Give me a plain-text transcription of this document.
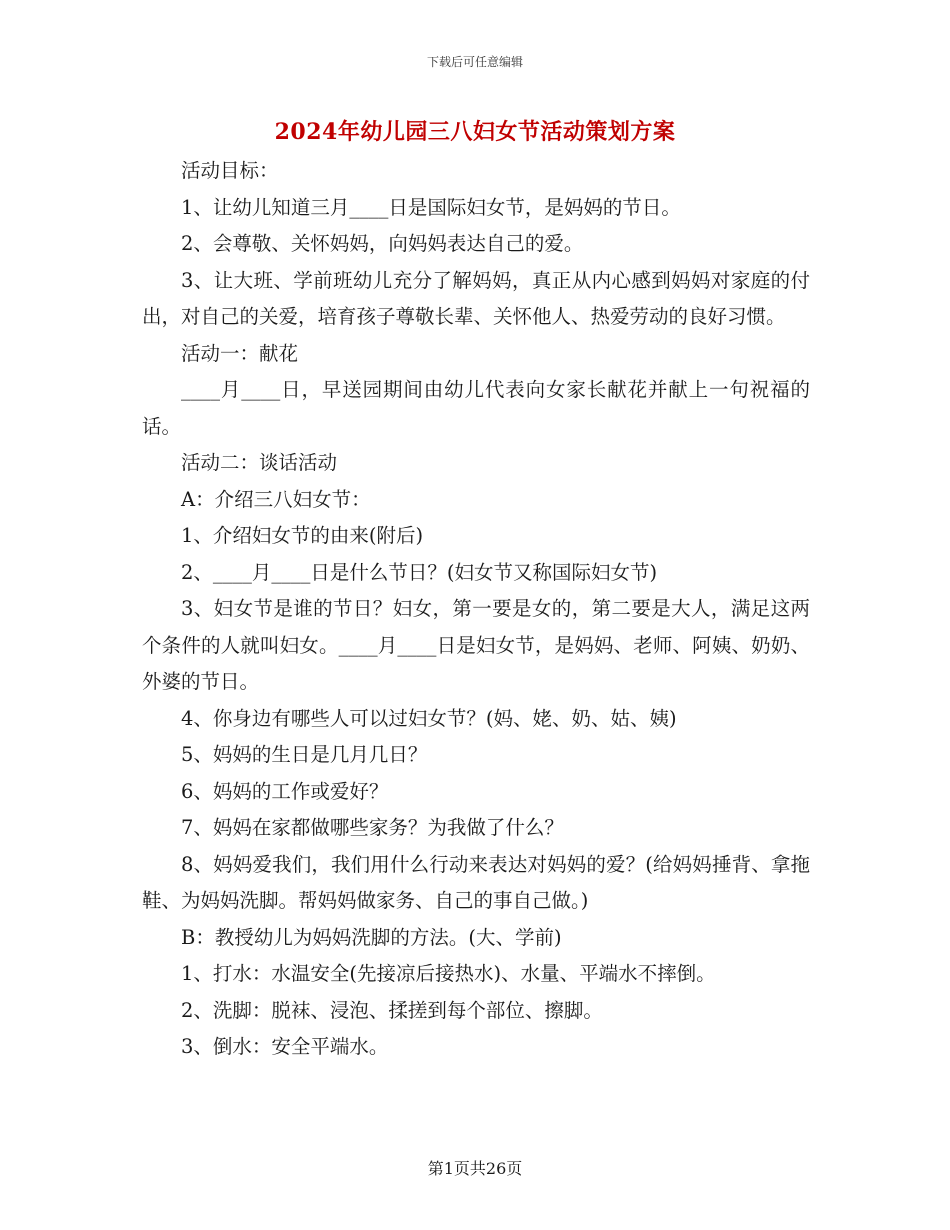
下载后可任意编辑
2024年幼儿园三八妇女节活动策划方案

活动目标：

1、让幼儿知道三月____日是国际妇女节，是妈妈的节日。

2、会尊敬、关怀妈妈，向妈妈表达自己的爱。

3、让大班、学前班幼儿充分了解妈妈，真正从内心感到妈妈对家庭的付出，对自己的关爱，培育孩子尊敬长辈、关怀他人、热爱劳动的良好习惯。

活动一：献花

____月____日，早送园期间由幼儿代表向女家长献花并献上一句祝福的话。

活动二：谈话活动

A：介绍三八妇女节：

1、介绍妇女节的由来(附后)

2、____月____日是什么节日？(妇女节又称国际妇女节)

3、妇女节是谁的节日？妇女，第一要是女的，第二要是大人，满足这两个条件的人就叫妇女。____月____日是妇女节，是妈妈、老师、阿姨、奶奶、外婆的节日。

4、你身边有哪些人可以过妇女节？(妈、姥、奶、姑、姨)

5、妈妈的生日是几月几日？

6、妈妈的工作或爱好？

7、妈妈在家都做哪些家务？为我做了什么？

8、妈妈爱我们，我们用什么行动来表达对妈妈的爱？(给妈妈捶背、拿拖鞋、为妈妈洗脚。帮妈妈做家务、自己的事自己做。)

B：教授幼儿为妈妈洗脚的方法。(大、学前)

1、打水：水温安全(先接凉后接热水)、水量、平端水不摔倒。

2、洗脚：脱袜、浸泡、揉搓到每个部位、擦脚。

3、倒水：安全平端水。

第1页共26页
